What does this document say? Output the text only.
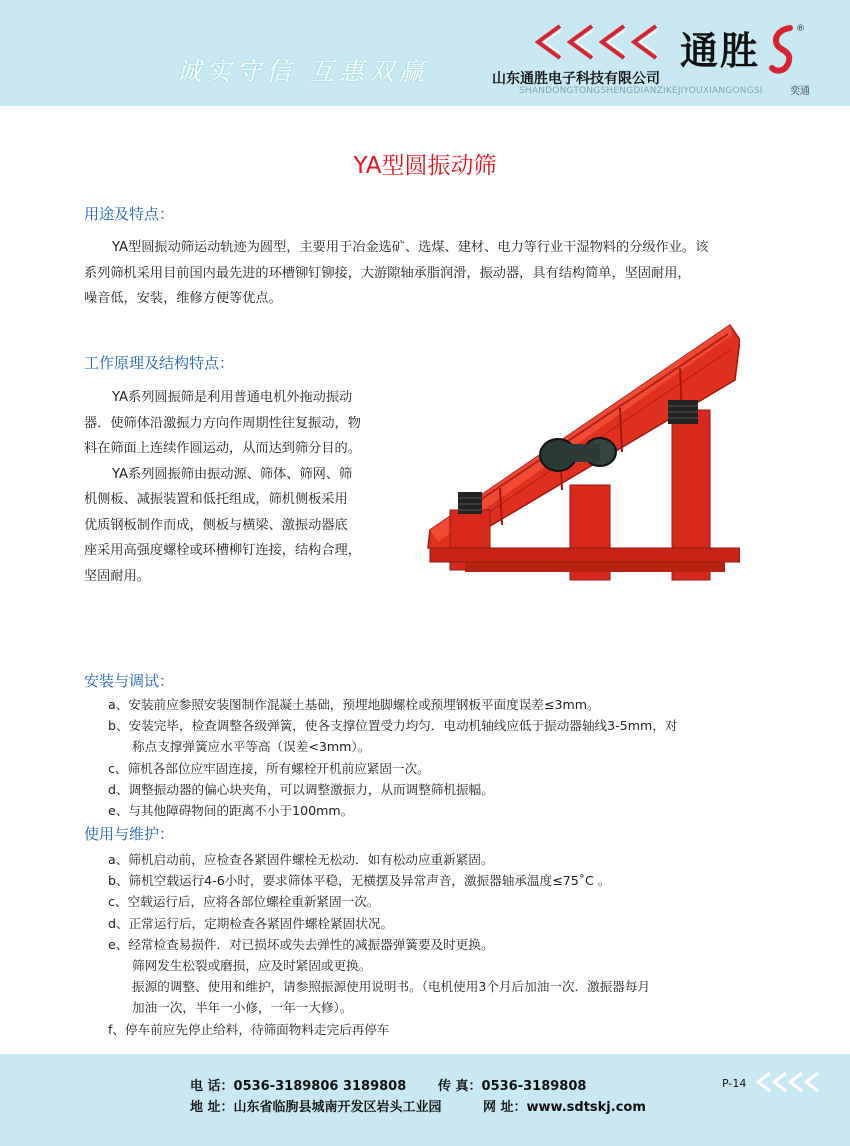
诚实守信 互惠双赢	通胜
山东通胜电子科技有限公司
SHANDONGTONGSHENGDIANZIKEJIYOUXIANGONGSI
®
奕通
YA型圆振动筛
用途及特点：
YA型圆振动筛运动轨迹为圆型，主要用于冶金选矿、选煤、建材、电力等行业干湿物料的分级作业。该
系列筛机采用目前国内最先进的环槽铆钉铆接，大游隙轴承脂润滑，振动器，具有结构简单，坚固耐用，
噪音低，安装，维修方便等优点。
工作原理及结构特点：
YA系列圆振筛是利用普通电机外拖动振动
器．使筛体沿激振力方向作周期性往复振动，物
料在筛面上连续作圆运动，从而达到筛分目的。
YA系列圆振筛由振动源、筛体、筛网、筛
机侧板、减振装置和低托组成，筛机侧板采用
优质钢板制作而成，侧板与横梁、激振动器底
座采用高强度螺栓或环槽柳钉连接，结构合理，
坚固耐用。
安装与调试：
a、安装前应参照安装图制作混凝土基础，预埋地脚螺栓或预埋钢板平面度误差≤3mm。
b、安装完毕，检查调整各级弹簧，使各支撑位置受力均匀．电动机轴线应低于振动器轴线3-5mm，对
称点支撑弹簧应水平等高（误差<3mm）。
c、筛机各部位应牢固连接，所有螺栓开机前应紧固一次。
d、调整振动器的偏心块夹角，可以调整激振力，从而调整筛机振幅。
e、与其他障碍物间的距离不小于100mm。
使用与维护：
a、筛机启动前，应检查各紧固件螺栓无松动．如有松动应重新紧固。
b、筛机空载运行4-6小时，要求筛体平稳，无横摆及异常声音，激振器轴承温度≤75˚C 。
c、空载运行后，应将各部位螺栓重新紧固一次。
d、正常运行后，定期检查各紧固件螺栓紧固状况。
e、经常检查易损件．对已损坏或失去弹性的减振器弹簧要及时更换。
筛网发生松裂或磨损，应及时紧固或更换。
振源的调整、使用和维护，请参照振源使用说明书。（电机使用3个月后加油一次．激振器每月
加油一次，半年一小修，一年一大修）。
f、停车前应先停止给料，待筛面物料走完后再停车
电 话：0536-3189806 3189808 传 真：0536-3189808
地 址：山东省临朐县城南开发区岩头工业园	网 址：www.sdtskj.com
P-14
